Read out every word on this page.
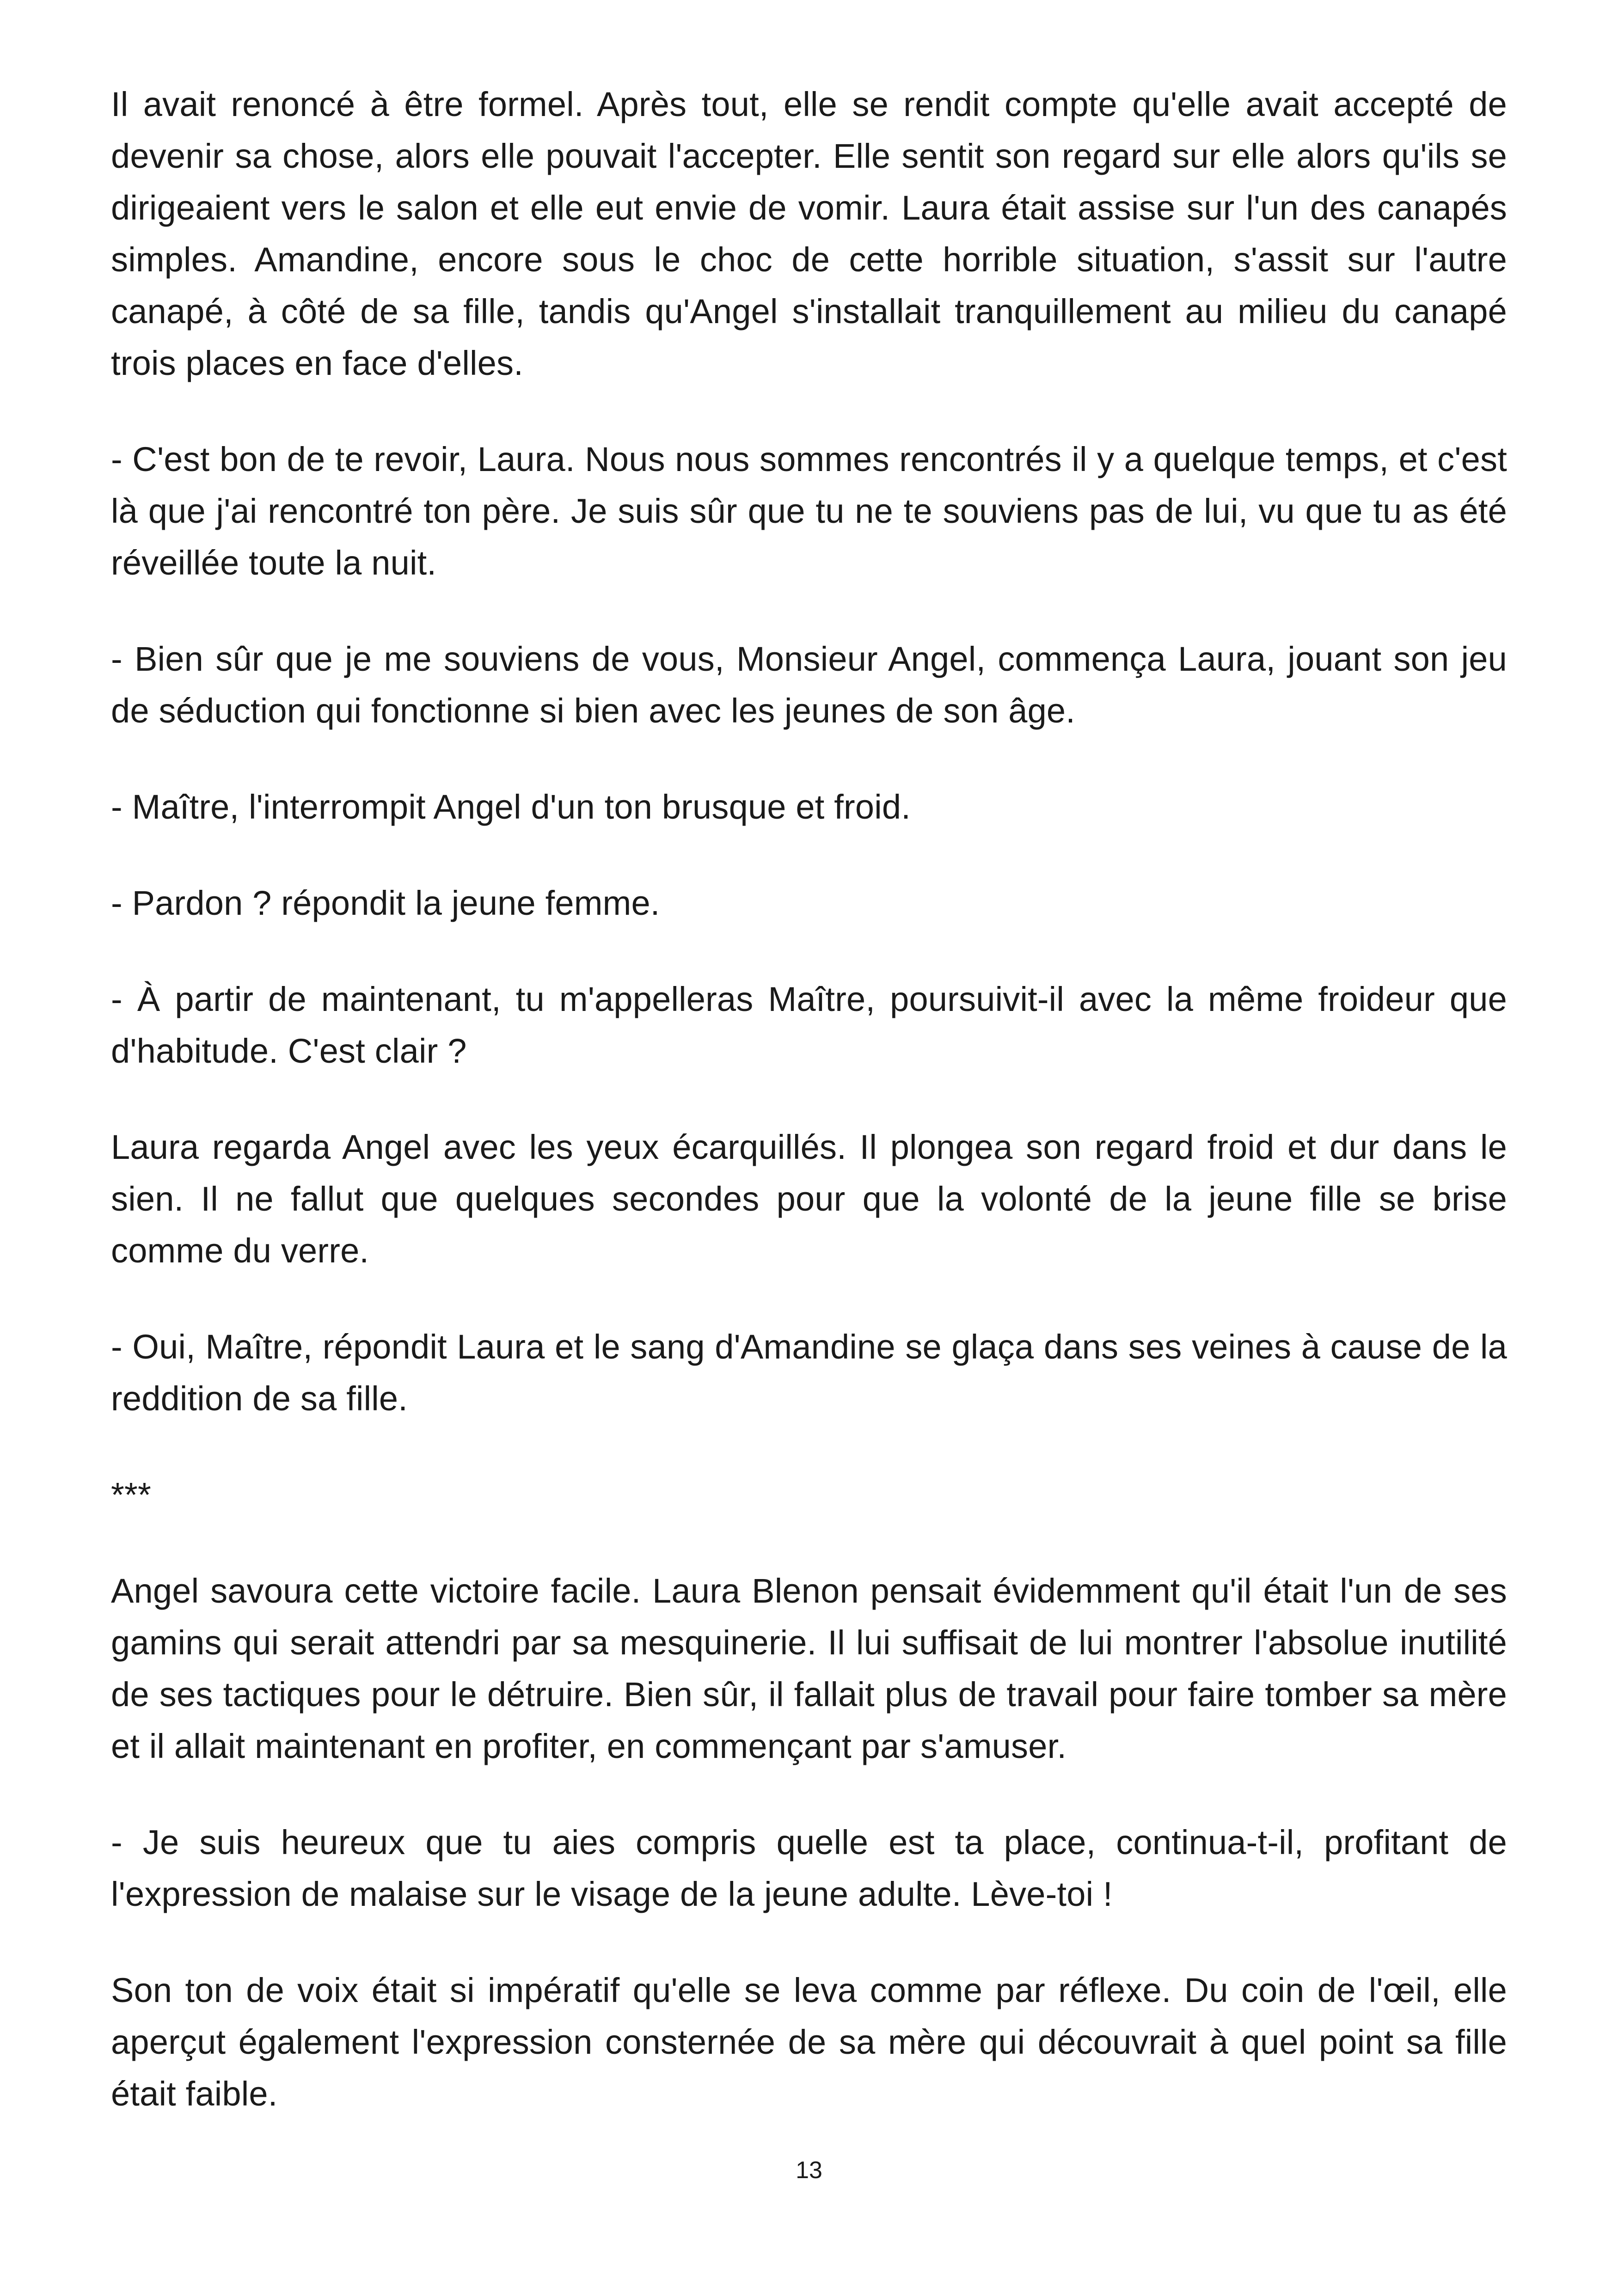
Il avait renoncé à être formel. Après tout, elle se rendit compte qu'elle avait accepté de devenir sa chose, alors elle pouvait l'accepter. Elle sentit son regard sur elle alors qu'ils se dirigeaient vers le salon et elle eut envie de vomir. Laura était assise sur l'un des canapés simples. Amandine, encore sous le choc de cette horrible situation, s'assit sur l'autre canapé, à côté de sa fille, tandis qu'Angel s'installait tranquillement au milieu du canapé trois places en face d'elles.

- C'est bon de te revoir, Laura. Nous nous sommes rencontrés il y a quelque temps, et c'est là que j'ai rencontré ton père. Je suis sûr que tu ne te souviens pas de lui, vu que tu as été réveillée toute la nuit.

- Bien sûr que je me souviens de vous, Monsieur Angel, commença Laura, jouant son jeu de séduction qui fonctionne si bien avec les jeunes de son âge.

- Maître, l'interrompit Angel d'un ton brusque et froid.

- Pardon ? répondit la jeune femme.

- À partir de maintenant, tu m'appelleras Maître, poursuivit-il avec la même froideur que d'habitude. C'est clair ?

Laura regarda Angel avec les yeux écarquillés. Il plongea son regard froid et dur dans le sien. Il ne fallut que quelques secondes pour que la volonté de la jeune fille se brise comme du verre.

- Oui, Maître, répondit Laura et le sang d'Amandine se glaça dans ses veines à cause de la reddition de sa fille.

***

Angel savoura cette victoire facile. Laura Blenon pensait évidemment qu'il était l'un de ses gamins qui serait attendri par sa mesquinerie. Il lui suffisait de lui montrer l'absolue inutilité de ses tactiques pour le détruire. Bien sûr, il fallait plus de travail pour faire tomber sa mère et il allait maintenant en profiter, en commençant par s'amuser.

- Je suis heureux que tu aies compris quelle est ta place, continua-t-il, profitant de l'expression de malaise sur le visage de la jeune adulte. Lève-toi !

Son ton de voix était si impératif qu'elle se leva comme par réflexe. Du coin de l'œil, elle aperçut également l'expression consternée de sa mère qui découvrait à quel point sa fille était faible.

13
